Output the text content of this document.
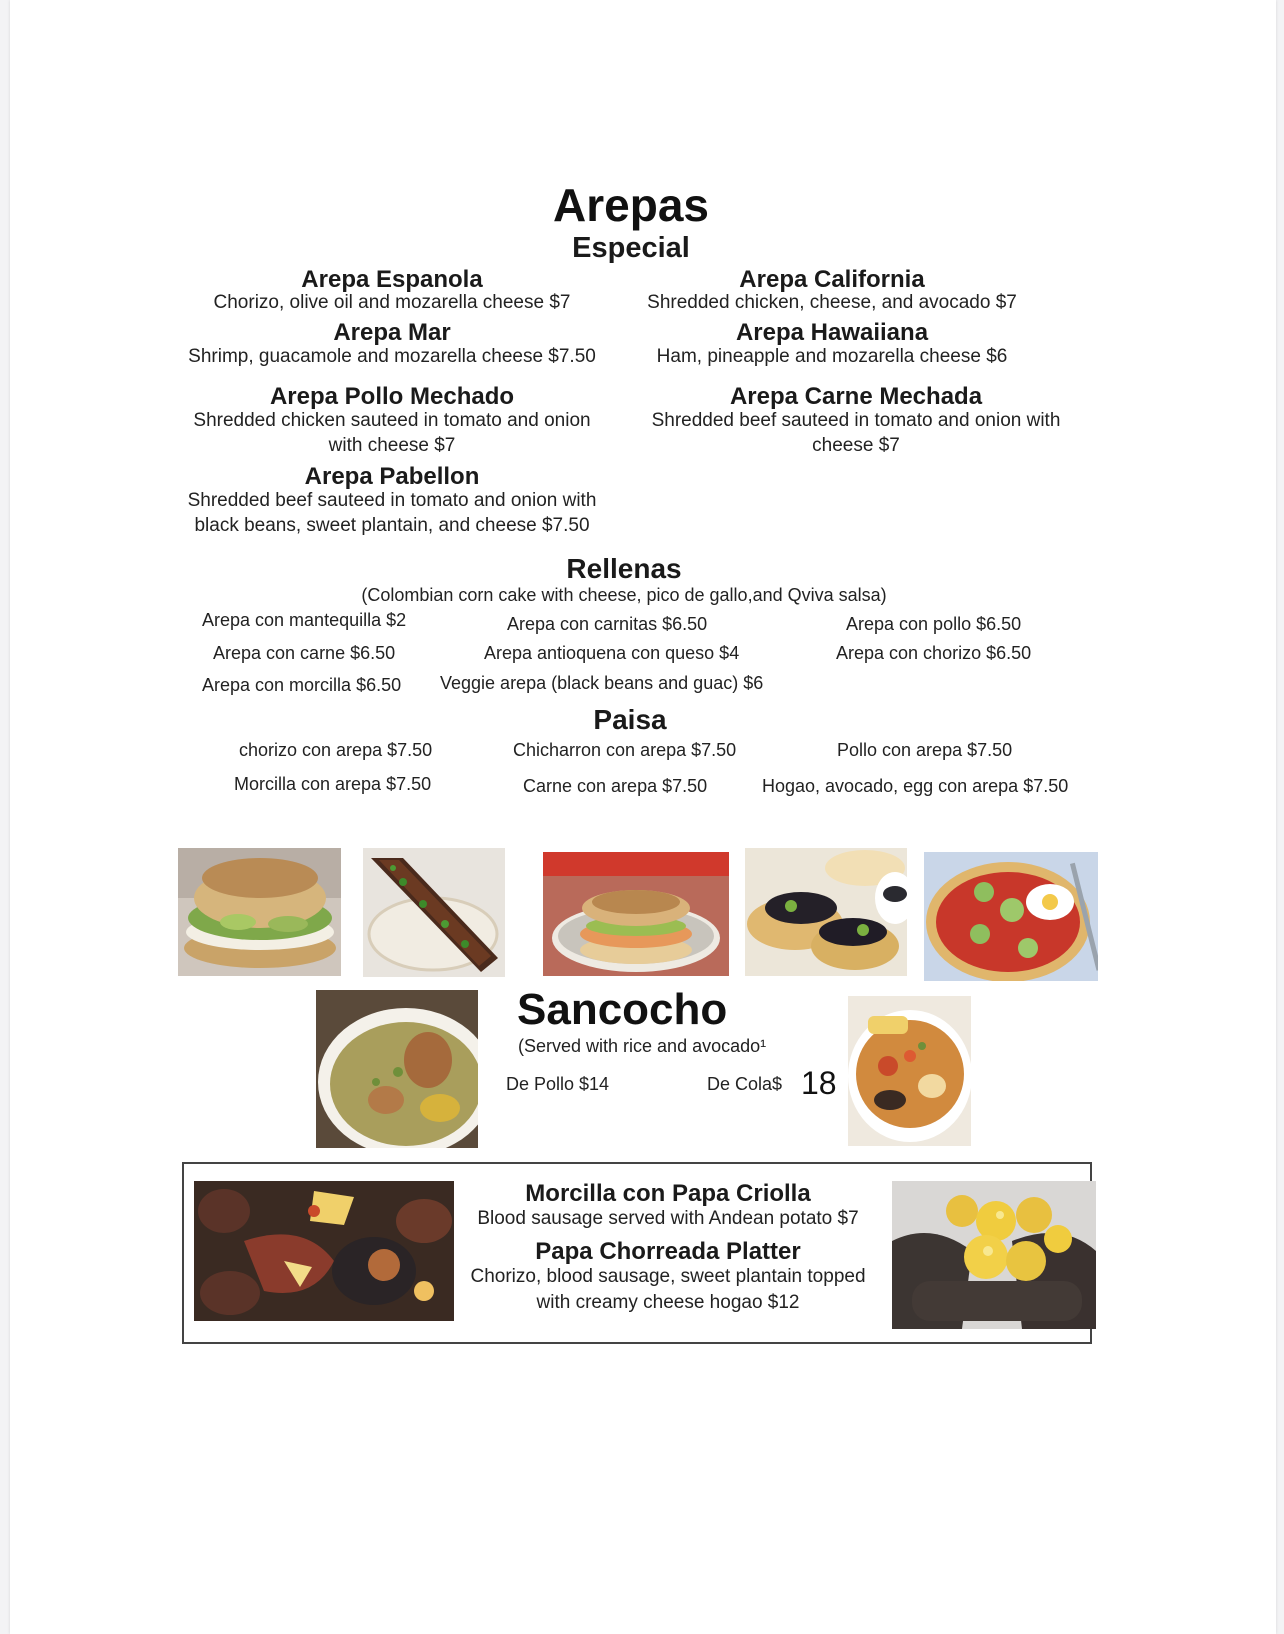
Arepas
Especial
Arepa Espanola
Chorizo, olive oil and mozarella cheese $7
Arepa California
Shredded chicken, cheese, and avocado $7
Arepa Mar
Shrimp, guacamole and mozarella cheese $7.50
Arepa Hawaiiana
Ham, pineapple and mozarella cheese $6
Arepa Pollo Mechado
Shredded chicken sauteed in tomato and onion
with cheese $7
Arepa Carne Mechada
Shredded beef sauteed in tomato and onion with
cheese $7
Arepa Pabellon
Shredded beef sauteed in tomato and onion with
black beans, sweet plantain, and cheese $7.50
Rellenas
(Colombian corn cake with cheese, pico de gallo,and Qviva salsa)
Arepa con mantequilla $2	Arepa con carnitas $6.50	Arepa con pollo $6.50
Arepa con carne $6.50	Arepa antioquena con queso $4	Arepa con chorizo $6.50
Arepa con morcilla $6.50 Veggie arepa (black beans and guac) $6
Paisa
chorizo con arepa $7.50	Chicharron con arepa $7.50	Pollo con arepa $7.50
Morcilla con arepa $7.50	Carne con arepa $7.50	Hogao, avocado, egg con arepa $7.50
Sancocho
(Served with rice and avocado¹
De Pollo $14	De Cola$ 18
Morcilla con Papa Criolla
Blood sausage served with Andean potato $7
Papa Chorreada Platter
Chorizo, blood sausage, sweet plantain topped
with creamy cheese hogao $12
